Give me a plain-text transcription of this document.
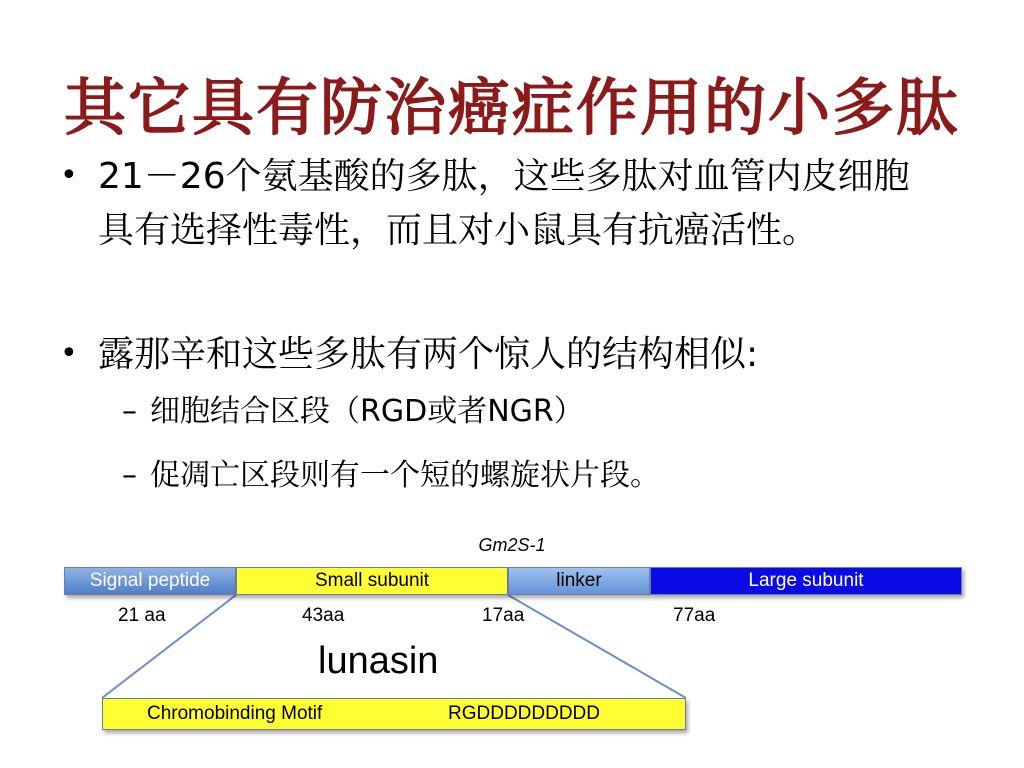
其它具有防治癌症作用的小多肽
• 21－26个氨基酸的多肽，这些多肽对血管内皮细胞具有选择性毒性，而且对小鼠具有抗癌活性。
• 露那辛和这些多肽有两个惊人的结构相似:
– 细胞结合区段（RGD或者NGR）
– 促凋亡区段则有一个短的螺旋状片段。
Gm2S-1
Signal peptide	Small subunit	linker	Large subunit
21 aa	43aa	17aa	77aa
lunasin
Chromobinding Motif	RGDDDDDDDDD
